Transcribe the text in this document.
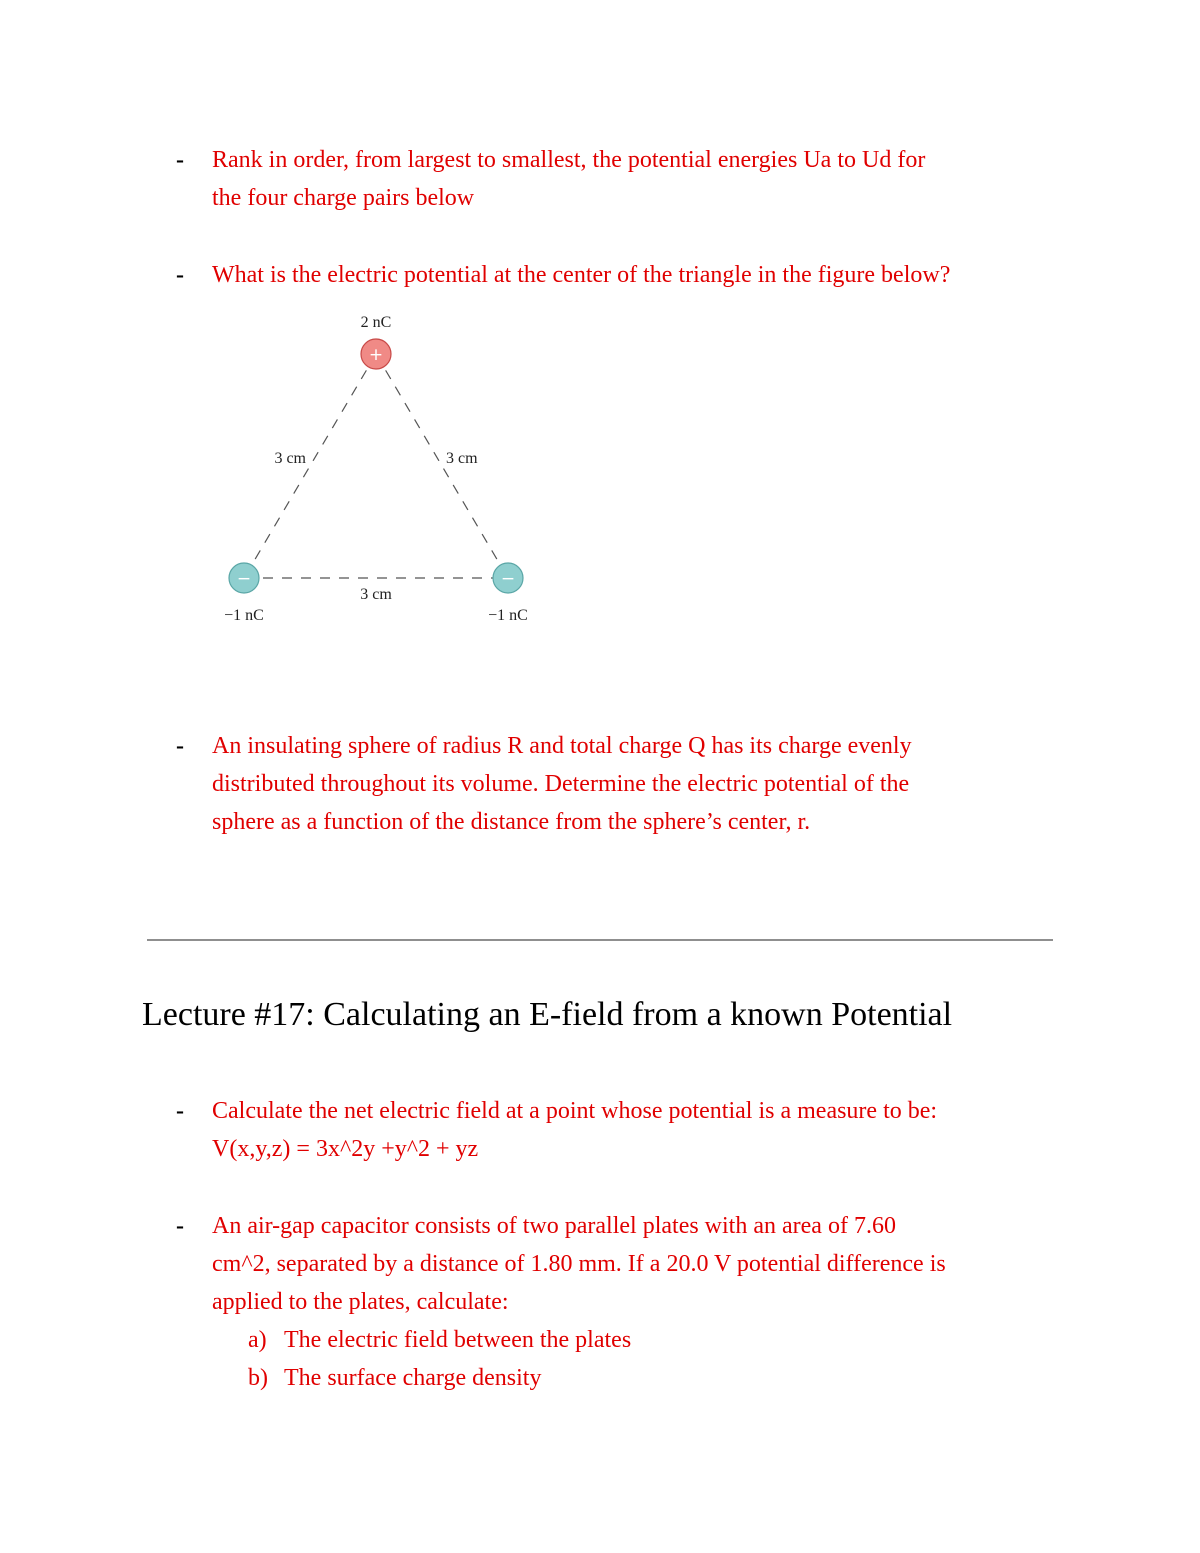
- Rank in order, from largest to smallest, the potential energies Ua to Ud for
the four charge pairs below

- What is the electric potential at the center of the triangle in the figure below?

+
−	−
2 nC
−1 nC	−1 nC
3 cm	3 cm
3 cm
- An insulating sphere of radius R and total charge Q has its charge evenly
distributed throughout its volume. Determine the electric potential of the
sphere as a function of the distance from the sphere’s center, r.

Lecture #17: Calculating an E-field from a known Potential
- Calculate the net electric field at a point whose potential is a measure to be:
V(x,y,z) = 3x^2y +y^2 + yz

- An air-gap capacitor consists of two parallel plates with an area of 7.60
cm^2, separated by a distance of 1.80 mm. If a 20.0 V potential difference is
applied to the plates, calculate:
a) The electric field between the plates
b) The surface charge density
